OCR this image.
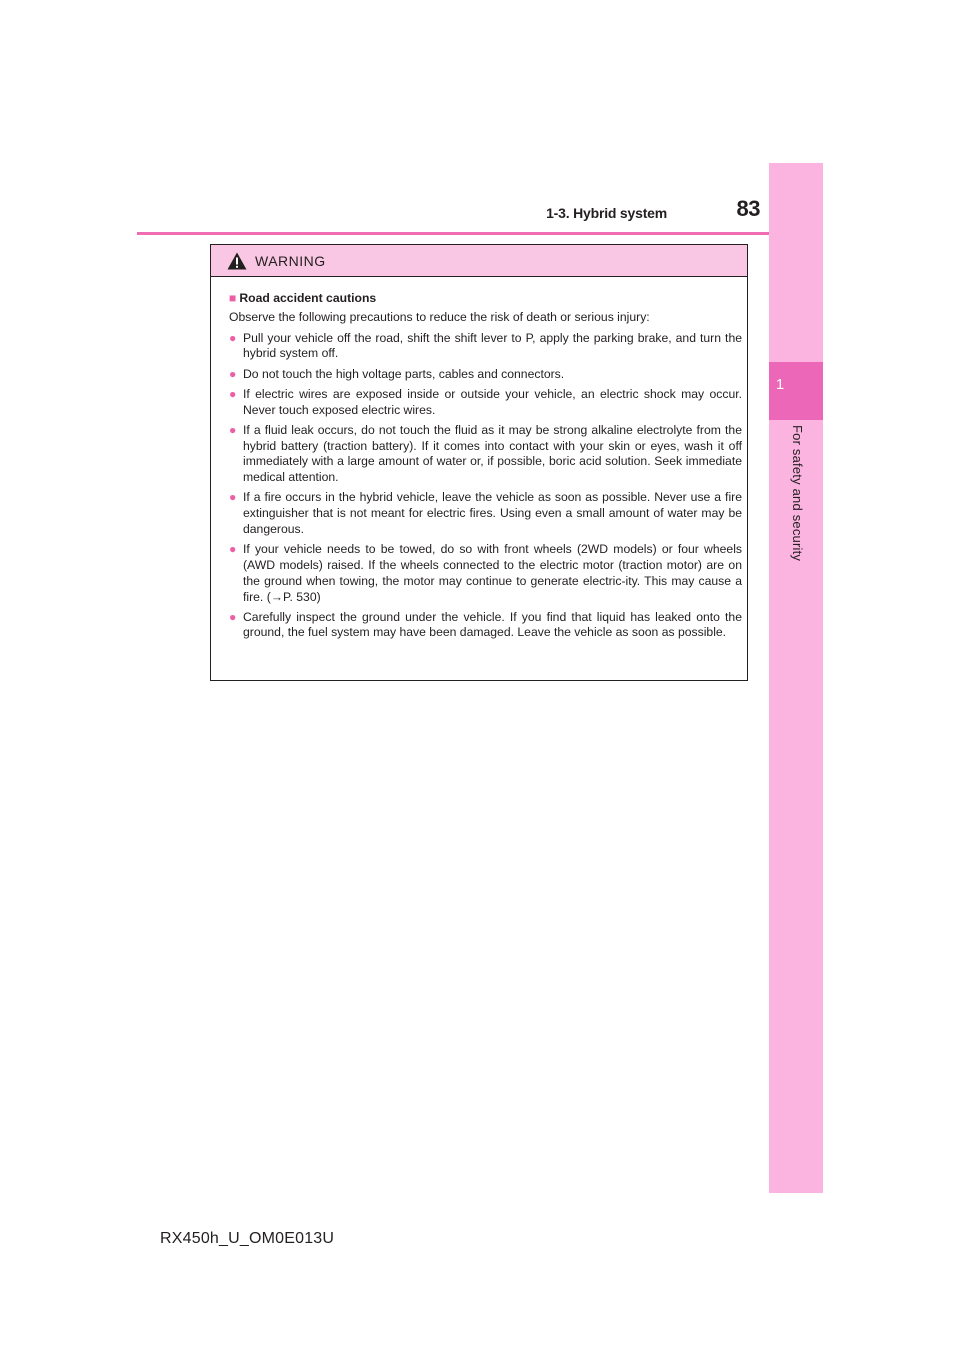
1-3. Hybrid system	83
1
For safety and security
WARNING

■ Road accident cautions

Observe the following precautions to reduce the risk of death or serious injury:

● Pull your vehicle off the road, shift the shift lever to P, apply the parking brake, and turn the hybrid system off.
● Do not touch the high voltage parts, cables and connectors.
● If electric wires are exposed inside or outside your vehicle, an electric shock may occur. Never touch exposed electric wires.
● If a fluid leak occurs, do not touch the fluid as it may be strong alkaline electrolyte from the hybrid battery (traction battery). If it comes into contact with your skin or eyes, wash it off immediately with a large amount of water or, if possible, boric acid solution. Seek immediate medical attention.
● If a fire occurs in the hybrid vehicle, leave the vehicle as soon as possible. Never use a fire extinguisher that is not meant for electric fires. Using even a small amount of water may be dangerous.
● If your vehicle needs to be towed, do so with front wheels (2WD models) or four wheels (AWD models) raised. If the wheels connected to the electric motor (traction motor) are on the ground when towing, the motor may continue to generate electric-ity. This may cause a fire. (→P. 530)
● Carefully inspect the ground under the vehicle. If you find that liquid has leaked onto the ground, the fuel system may have been damaged. Leave the vehicle as soon as possible.
RX450h_U_OM0E013U
